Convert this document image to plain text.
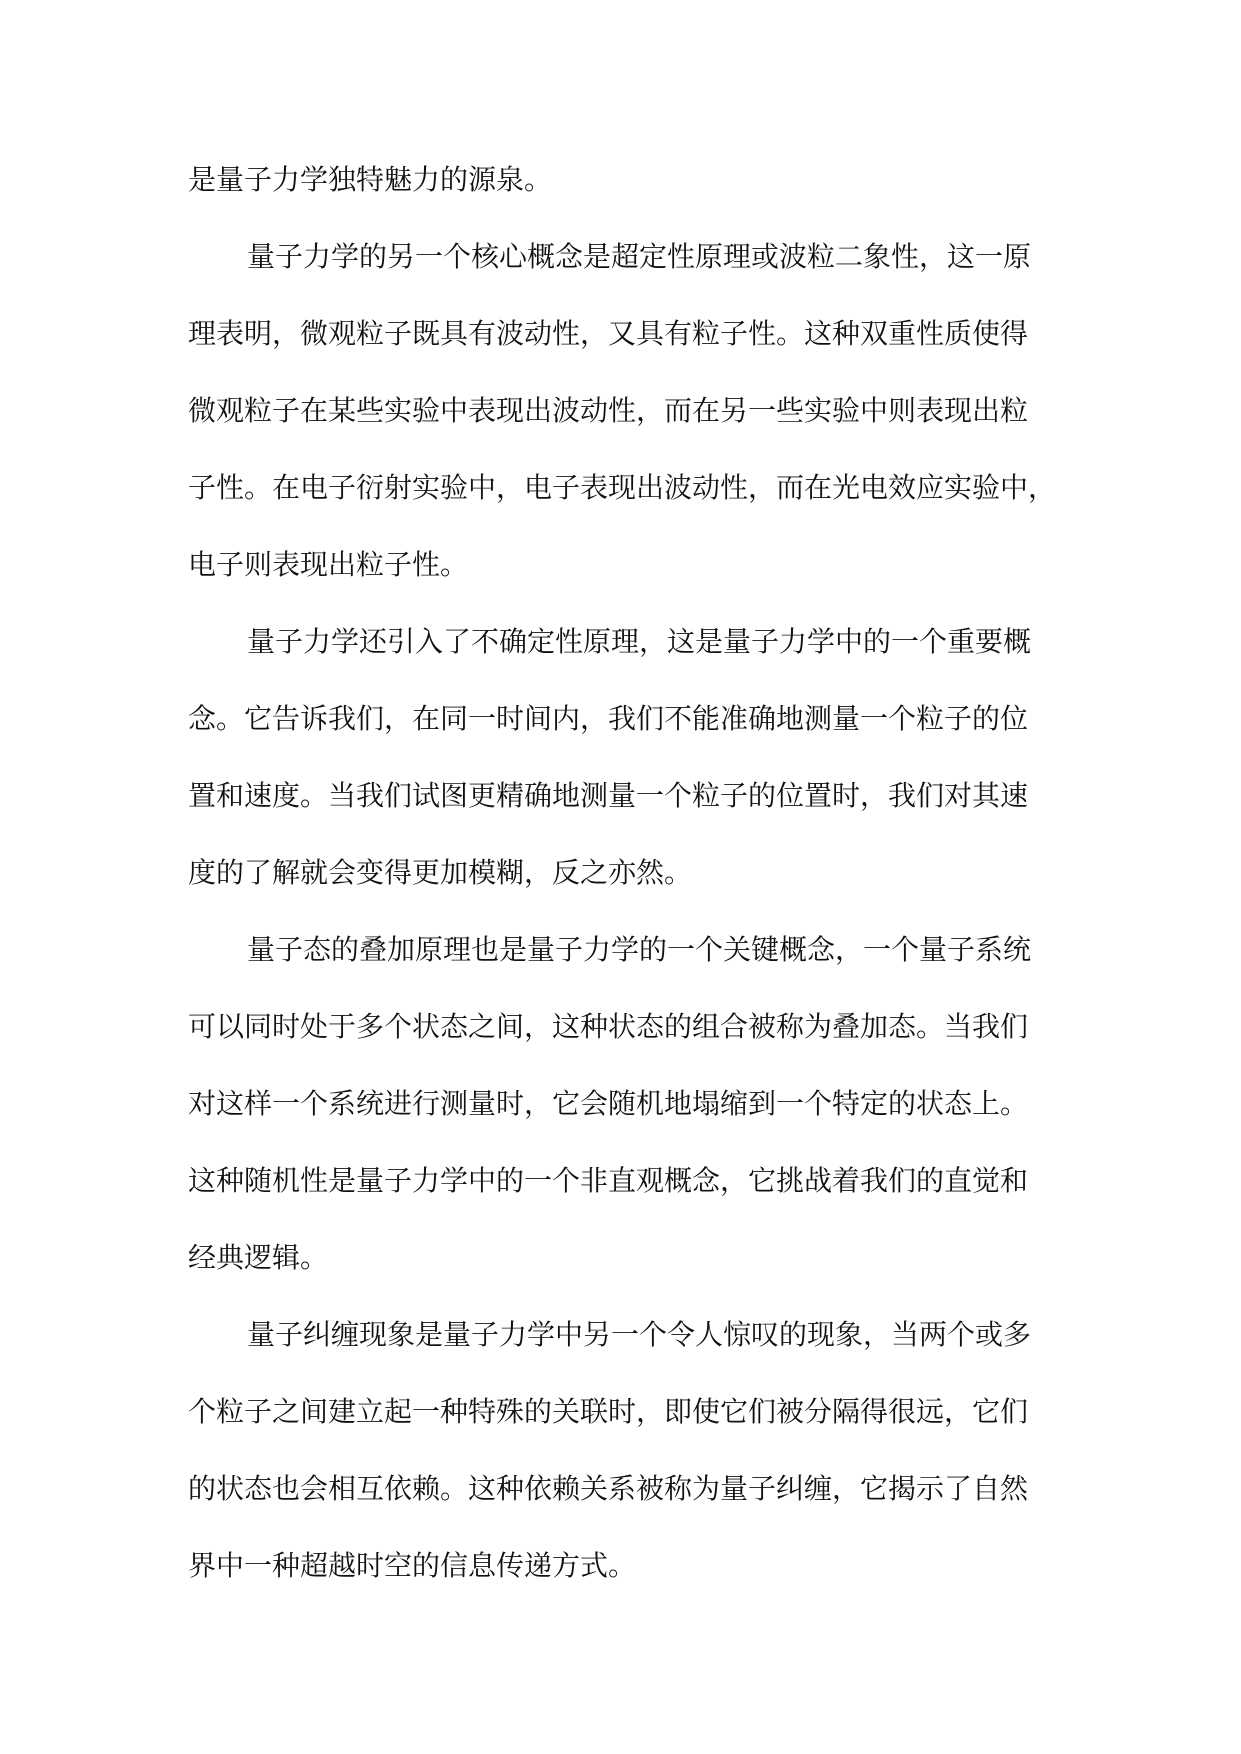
是量子力学独特魅力的源泉。
量子力学的另一个核心概念是超定性原理或波粒二象性，这一原
理表明，微观粒子既具有波动性，又具有粒子性。这种双重性质使得
微观粒子在某些实验中表现出波动性，而在另一些实验中则表现出粒
子性。在电子衍射实验中，电子表现出波动性，而在光电效应实验中，
电子则表现出粒子性。
量子力学还引入了不确定性原理，这是量子力学中的一个重要概
念。它告诉我们，在同一时间内，我们不能准确地测量一个粒子的位
置和速度。当我们试图更精确地测量一个粒子的位置时，我们对其速
度的了解就会变得更加模糊，反之亦然。
量子态的叠加原理也是量子力学的一个关键概念，一个量子系统
可以同时处于多个状态之间，这种状态的组合被称为叠加态。当我们
对这样一个系统进行测量时，它会随机地塌缩到一个特定的状态上。
这种随机性是量子力学中的一个非直观概念，它挑战着我们的直觉和
经典逻辑。
量子纠缠现象是量子力学中另一个令人惊叹的现象，当两个或多
个粒子之间建立起一种特殊的关联时，即使它们被分隔得很远，它们
的状态也会相互依赖。这种依赖关系被称为量子纠缠，它揭示了自然
界中一种超越时空的信息传递方式。
